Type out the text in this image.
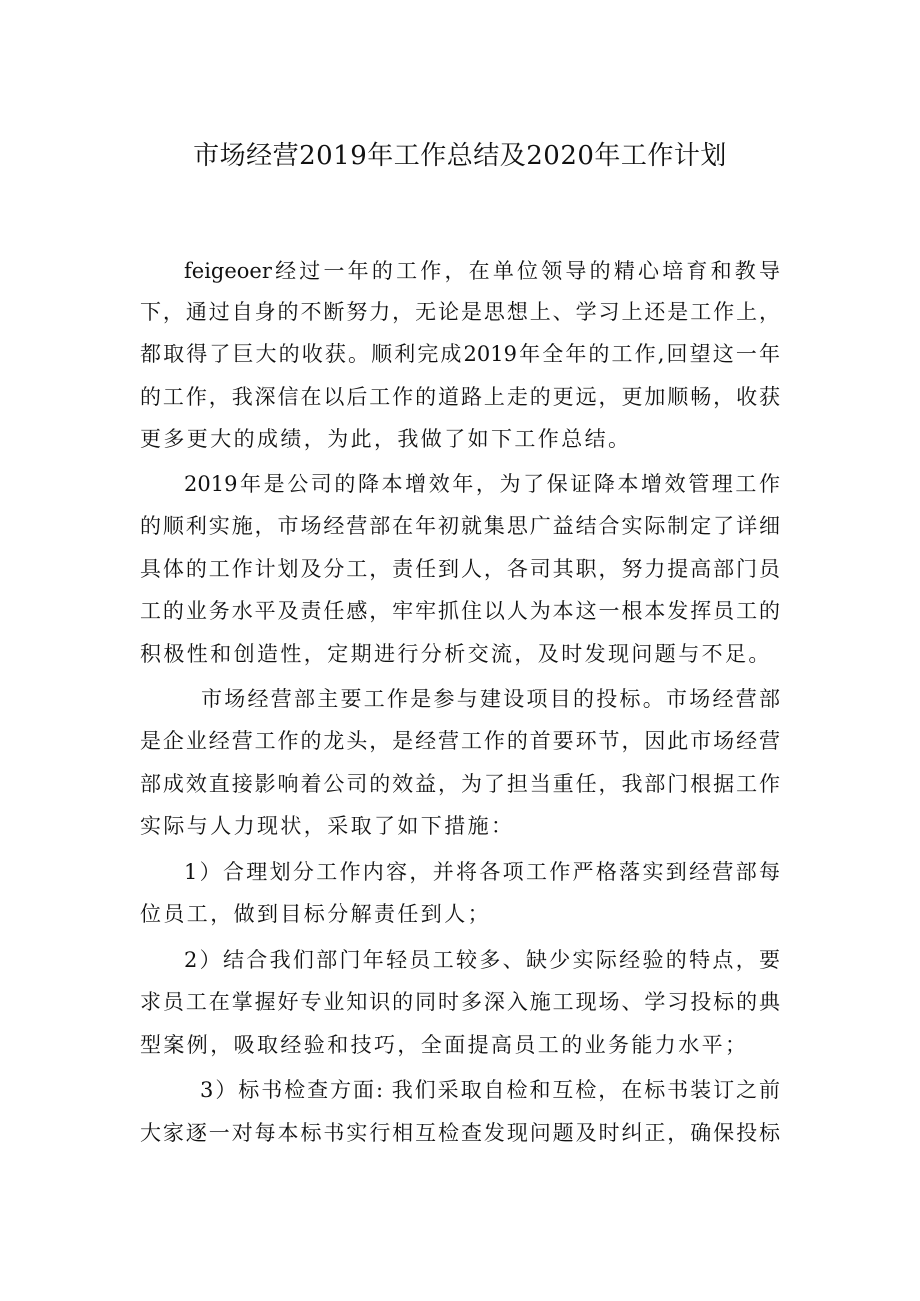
市场经营2019年工作总结及2020年工作计划
feigeoer经过一年的工作，在单位领导的精心培育和教导
下，通过自身的不断努力，无论是思想上、学习上还是工作上，
都取得了巨大的收获。顺利完成2019年全年的工作,回望这一年
的工作，我深信在以后工作的道路上走的更远，更加顺畅，收获
更多更大的成绩，为此，我做了如下工作总结。
2019年是公司的降本增效年，为了保证降本增效管理工作
的顺利实施，市场经营部在年初就集思广益结合实际制定了详细
具体的工作计划及分工，责任到人，各司其职，努力提高部门员
工的业务水平及责任感，牢牢抓住以人为本这一根本发挥员工的
积极性和创造性，定期进行分析交流，及时发现问题与不足。
市场经营部主要工作是参与建设项目的投标。市场经营部
是企业经营工作的龙头，是经营工作的首要环节，因此市场经营
部成效直接影响着公司的效益，为了担当重任，我部门根据工作
实际与人力现状，采取了如下措施：
1）合理划分工作内容，并将各项工作严格落实到经营部每
位员工，做到目标分解责任到人；
2）结合我们部门年轻员工较多、缺少实际经验的特点，要
求员工在掌握好专业知识的同时多深入施工现场、学习投标的典
型案例，吸取经验和技巧，全面提高员工的业务能力水平；
3）标书检查方面: 我们采取自检和互检，在标书装订之前
大家逐一对每本标书实行相互检查发现问题及时纠正，确保投标
